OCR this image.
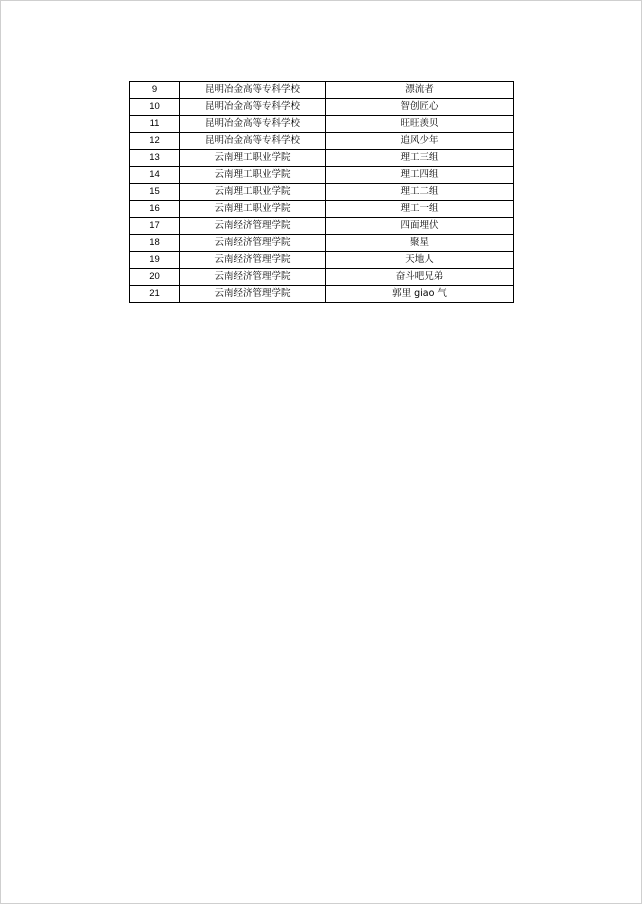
9	昆明冶金高等专科学校	漂流者
10	昆明冶金高等专科学校	智创匠心
11	昆明冶金高等专科学校	旺旺羡贝
12	昆明冶金高等专科学校	追风少年
13	云南理工职业学院	理工三组
14	云南理工职业学院	理工四组
15	云南理工职业学院	理工二组
16	云南理工职业学院	理工一组
17	云南经济管理学院	四面埋伏
18	云南经济管理学院	聚星
19	云南经济管理学院	天地人
20	云南经济管理学院	奋斗吧兄弟
21	云南经济管理学院	郭里 giao 气
